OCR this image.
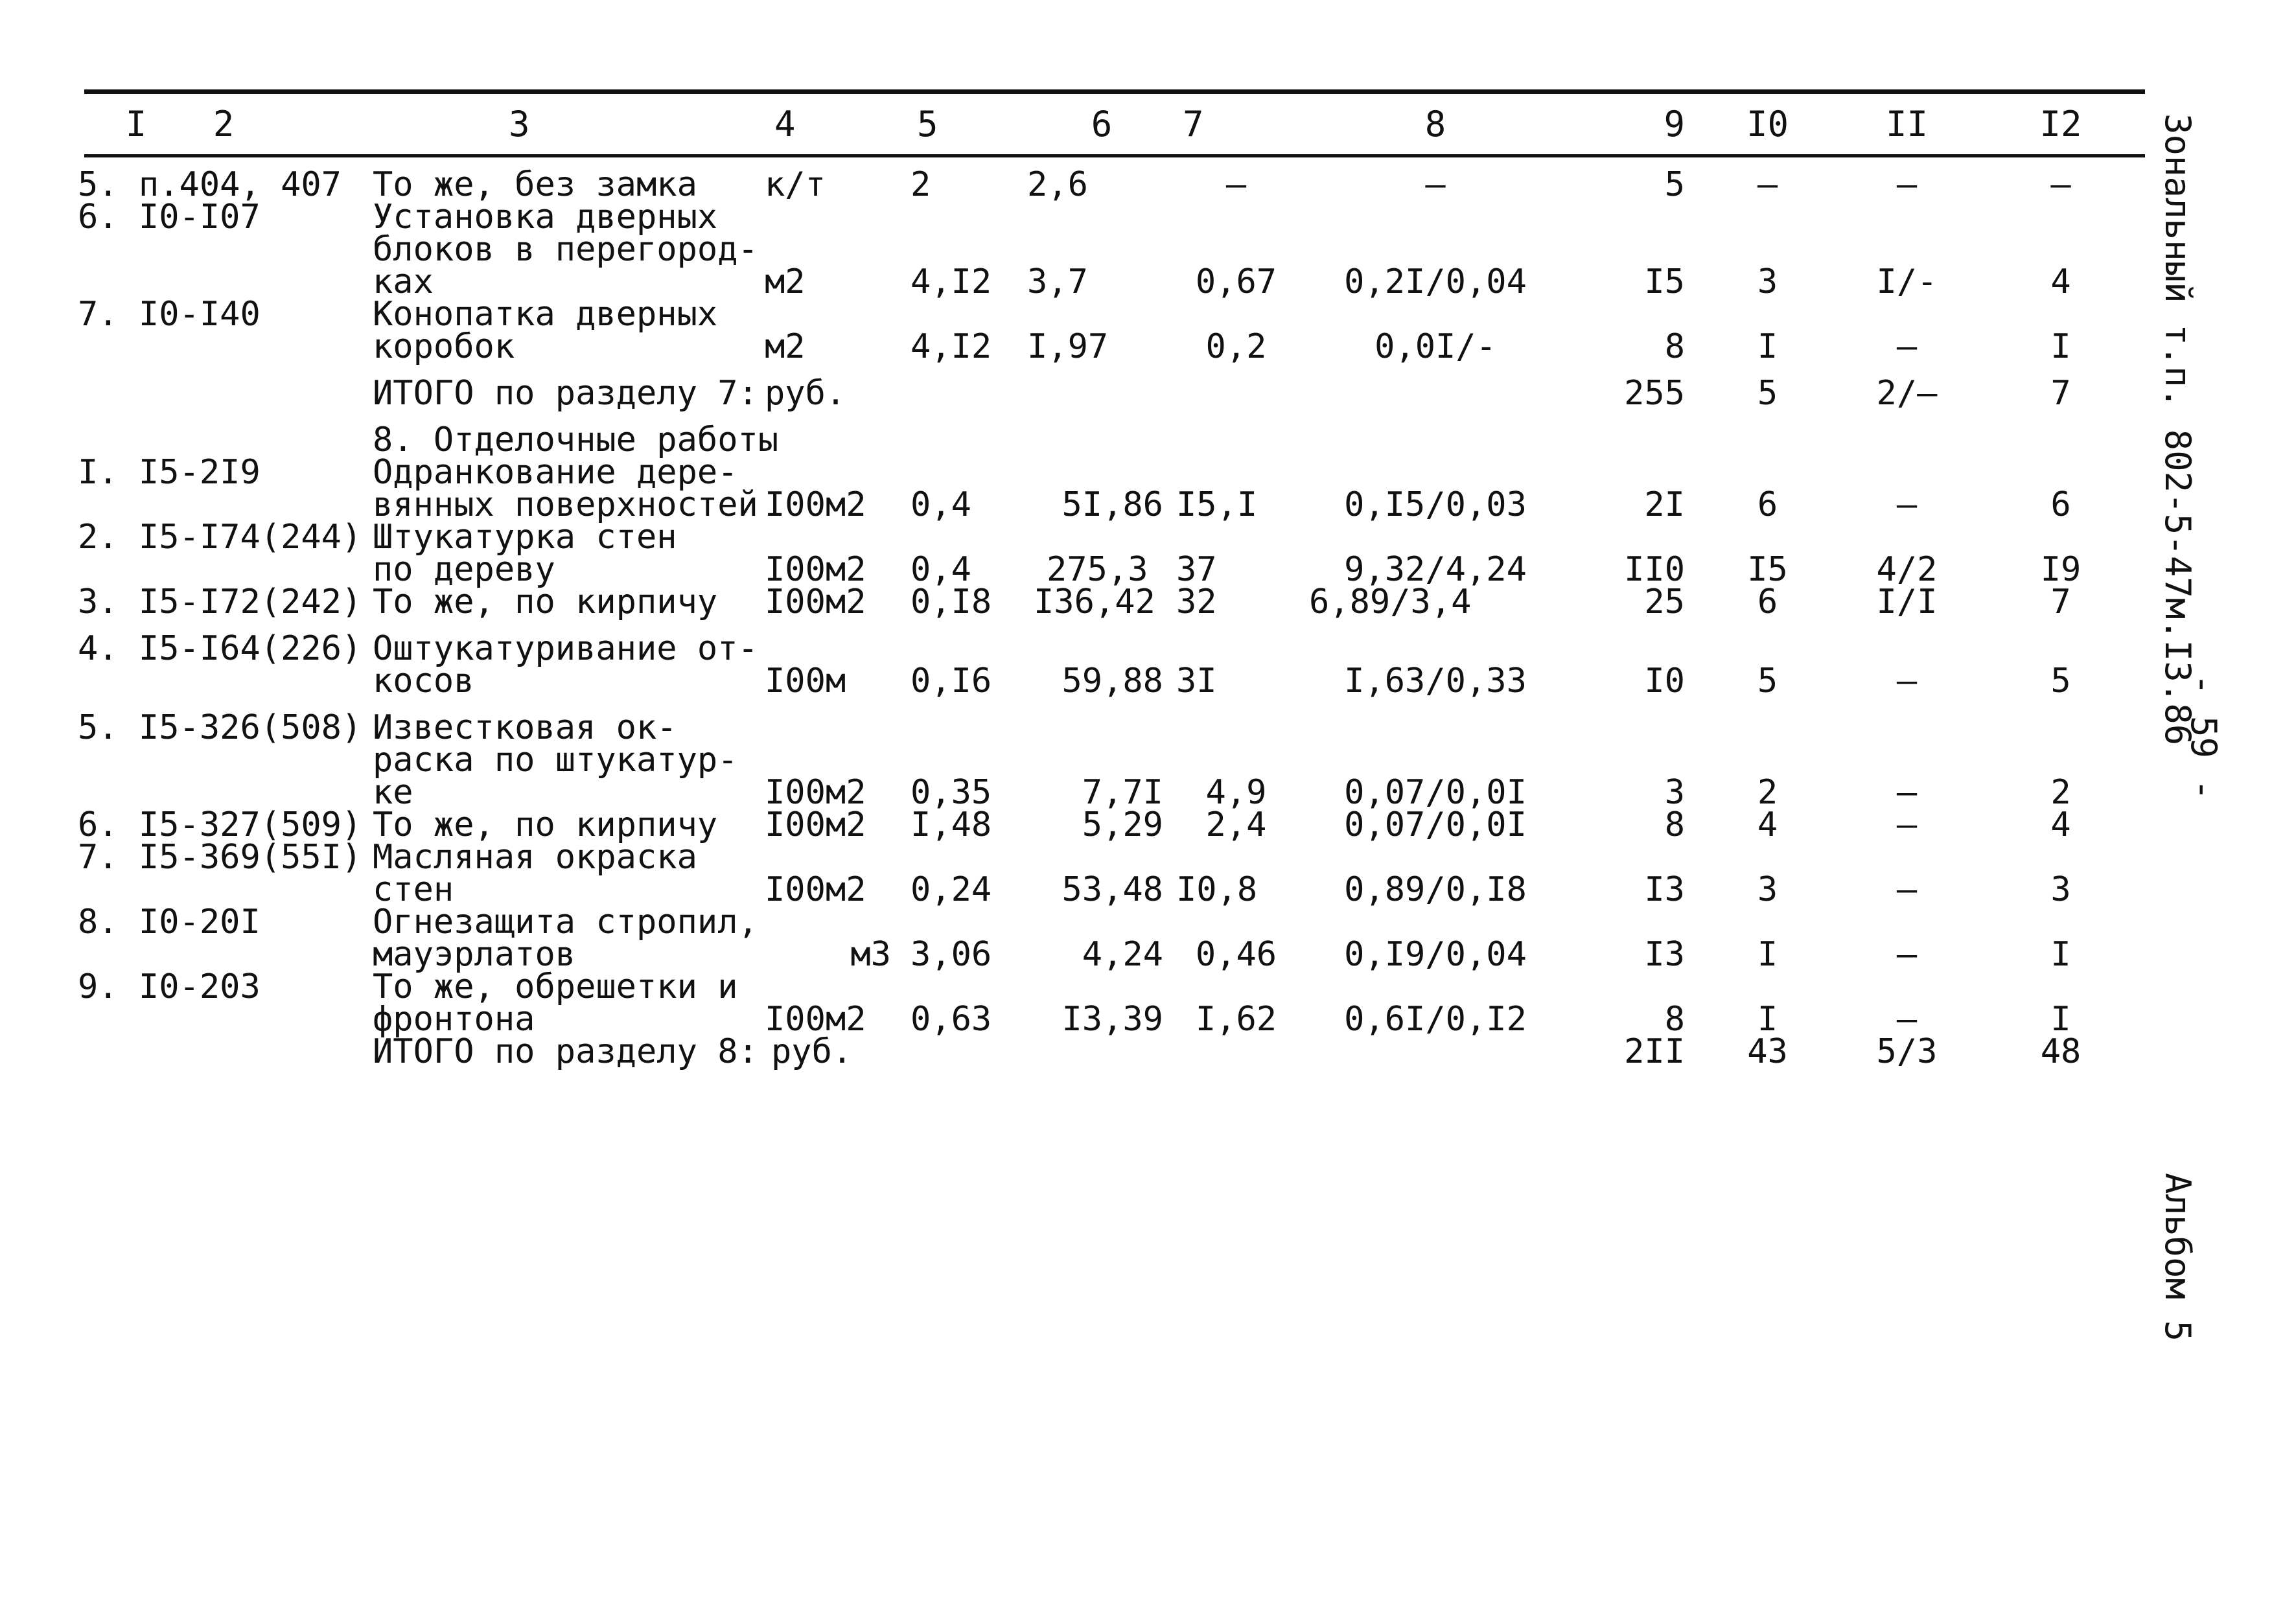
I 2	3	4	5	6	7	8	9	I0	II	I2
5. п.404, 407	То же, без замка	к/т	2	2,6	–	–	5	–	–	–
6. I0-I07	Установка дверных
блоков в перегород-
ках	м2	4,I2	3,7	0,67	0,2I/0,04	I5	3	I/-	4
7. I0-I40	Конопатка дверных
коробок	м2	4,I2	I,97	0,2	0,0I/-	8	I	–	I
	ИТОГО по разделу 7:	руб.					255	5	2/–	7
	8. Отделочные работы									
I. I5-2I9	Одранкование дере-
вянных поверхностей	I00м2	0,4	5I,86	I5,I	0,I5/0,03	2I	6	–	6
2. I5-I74(244)	Штукатурка стен
по дереву	I00м2	0,4	275,3	37	9,32/4,24	II0	I5	4/2	I9
3. I5-I72(242)	То же, по кирпичу	I00м2	0,I8	I36,42	32	6,89/3,4	25	6	I/I	7
4. I5-I64(226)	Оштукатуривание от-
косов	I00м	0,I6	59,88	3I	I,63/0,33	I0	5	–	5
5. I5-326(508)	Известковая ок-
раска по штукатур-
ке	I00м2	0,35	7,7I	4,9	0,07/0,0I	3	2	–	2
6. I5-327(509)	То же, по кирпичу	I00м2	I,48	5,29	2,4	0,07/0,0I	8	4	–	4
7. I5-369(55I)	Масляная окраска
стен	I00м2	0,24	53,48	I0,8	0,89/0,I8	I3	3	–	3
8. I0-20I	Огнезащита стропил,
мауэрлатов	м3	3,06	4,24	0,46	0,I9/0,04	I3	I	–	I
9. I0-203	То же, обрешетки и
фронтона	I00м2	0,63	I3,39	I,62	0,6I/0,I2	8	I	–	I
	ИТОГО по разделу 8:	руб.					2II	43	5/3	48
Зональный т.п. 802-5-47м.I3.86
- 59 -
Альбом 5
